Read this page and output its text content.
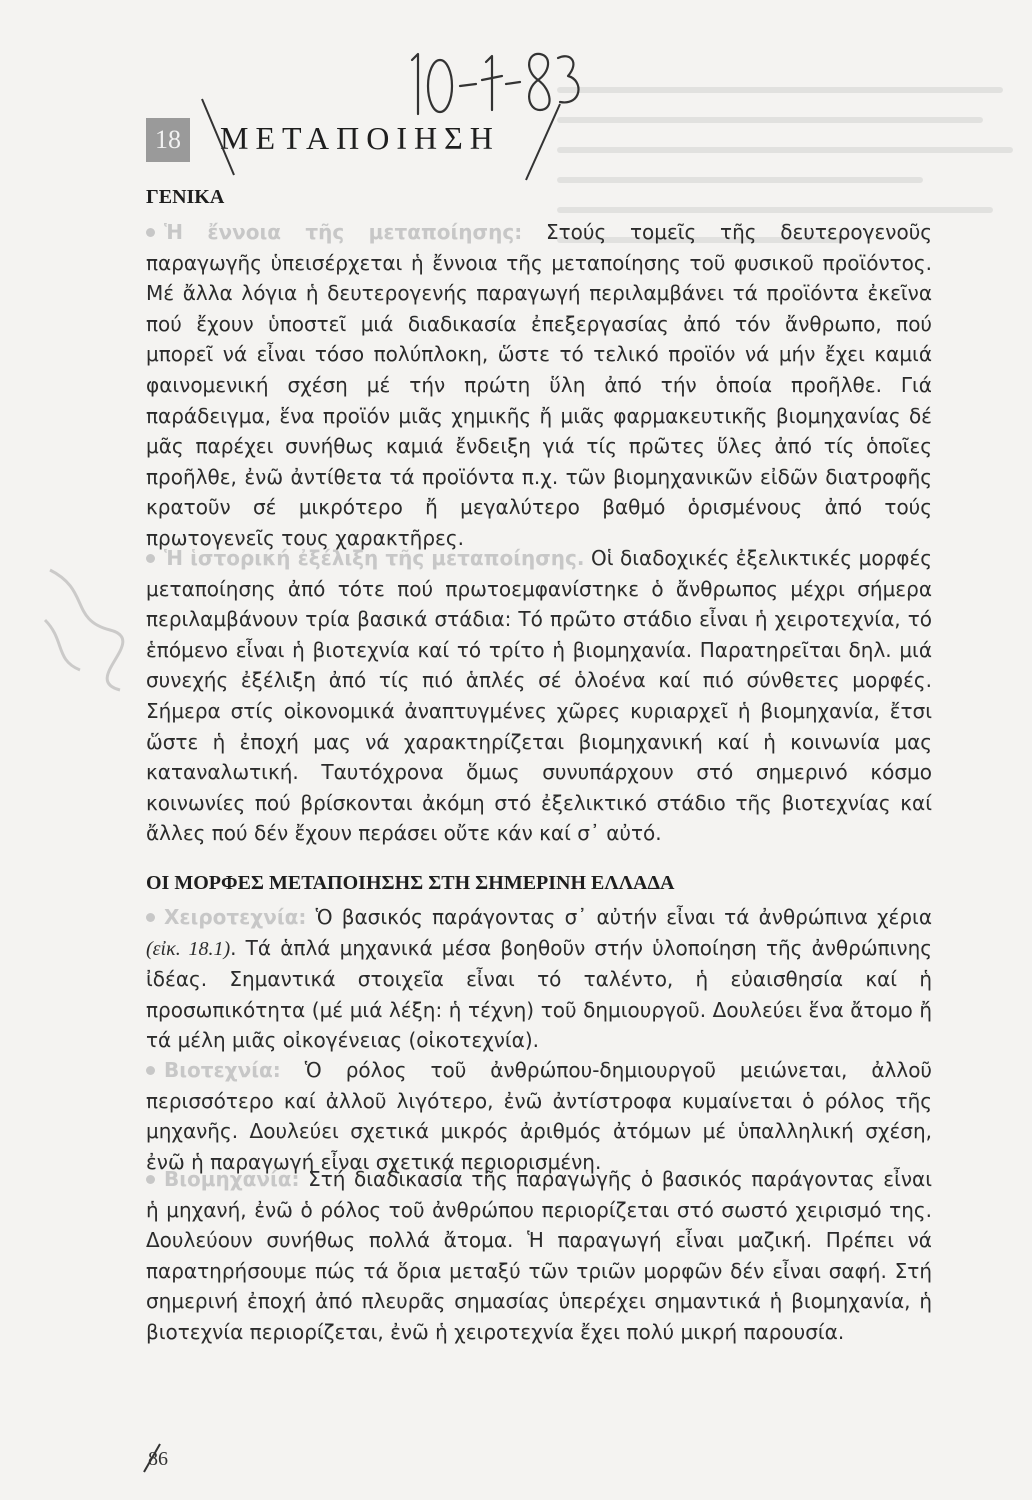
18 ΜΕΤΑΠΟΙΗΣΗ
ΓΕΝΙΚΑ

Ἡ ἔννοια τῆς μεταποίησης: Στούς τομεῖς τῆς δευτερογενοῦς παραγωγῆς ὑπεισέρχεται ἡ ἔννοια τῆς μεταποίησης τοῦ φυσικοῦ προϊόντος. Μέ ἄλλα λόγια ἡ δευτερογενής παραγωγή περιλαμβάνει τά προϊόντα ἐκεῖνα πού ἔχουν ὑποστεῖ μιά διαδικασία ἐπεξεργασίας ἀπό τόν ἄνθρωπο, πού μπορεῖ νά εἶναι τόσο πολύπλοκη, ὥστε τό τελικό προϊόν νά μήν ἔχει καμιά φαινομενική σχέση μέ τήν πρώτη ὕλη ἀπό τήν ὁποία προῆλθε. Γιά παράδειγμα, ἕνα προϊόν μιᾶς χημικῆς ἤ μιᾶς φαρμακευτικῆς βιομηχανίας δέ μᾶς παρέχει συνήθως καμιά ἔνδειξη γιά τίς πρῶτες ὕλες ἀπό τίς ὁποῖες προῆλθε, ἐνῶ ἀντίθετα τά προϊόντα π.χ. τῶν βιομηχανικῶν εἰδῶν διατροφῆς κρατοῦν σέ μικρότερο ἤ μεγαλύτερο βαθμό ὁρισμένους ἀπό τούς πρωτογενεῖς τους χαρακτῆρες.

Ἡ ἱστορική ἐξέλιξη τῆς μεταποίησης. Οἱ διαδοχικές ἐξελικτικές μορφές μεταποίησης ἀπό τότε πού πρωτοεμφανίστηκε ὁ ἄνθρωπος μέχρι σήμερα περιλαμβάνουν τρία βασικά στάδια: Τό πρῶτο στάδιο εἶναι ἡ χειροτεχνία, τό ἑπόμενο εἶναι ἡ βιοτεχνία καί τό τρίτο ἡ βιομηχανία. Παρατηρεῖται δηλ. μιά συνεχής ἐξέλιξη ἀπό τίς πιό ἁπλές σέ ὁλοένα καί πιό σύνθετες μορφές. Σήμερα στίς οἰκονομικά ἀναπτυγμένες χῶρες κυριαρχεῖ ἡ βιομηχανία, ἔτσι ὥστε ἡ ἐποχή μας νά χαρακτηρίζεται βιομηχανική καί ἡ κοινωνία μας καταναλωτική. Ταυτόχρονα ὅμως συνυπάρχουν στό σημερινό κόσμο κοινωνίες πού βρίσκονται ἀκόμη στό ἐξελικτικό στάδιο τῆς βιοτεχνίας καί ἄλλες πού δέν ἔχουν περάσει οὔτε κάν καί σ᾽ αὐτό.

ΟΙ ΜΟΡΦΕΣ ΜΕΤΑΠΟΙΗΣΗΣ ΣΤΗ ΣΗΜΕΡΙΝΗ ΕΛΛΑΔΑ

Χειροτεχνία: Ὁ βασικός παράγοντας σ᾽ αὐτήν εἶναι τά ἀνθρώπινα χέρια (εἰκ. 18.1). Τά ἁπλά μηχανικά μέσα βοηθοῦν στήν ὑλοποίηση τῆς ἀνθρώπινης ἰδέας. Σημαντικά στοιχεῖα εἶναι τό ταλέντο, ἡ εὐαισθησία καί ἡ προσωπικότητα (μέ μιά λέξη: ἡ τέχνη) τοῦ δημιουργοῦ. Δουλεύει ἕνα ἄτομο ἤ τά μέλη μιᾶς οἰκογένειας (οἰκοτεχνία).

Βιοτεχνία: Ὁ ρόλος τοῦ ἀνθρώπου-δημιουργοῦ μειώνεται, ἀλλοῦ περισσότερο καί ἀλλοῦ λιγότερο, ἐνῶ ἀντίστροφα κυμαίνεται ὁ ρόλος τῆς μηχανῆς. Δουλεύει σχετικά μικρός ἀριθμός ἀτόμων μέ ὑπαλληλική σχέση, ἐνῶ ἡ παραγωγή εἶναι σχετικά περιορισμένη.

Βιομηχανία: Στή διαδικασία τῆς παραγωγῆς ὁ βασικός παράγοντας εἶναι ἡ μηχανή, ἐνῶ ὁ ρόλος τοῦ ἀνθρώπου περιορίζεται στό σωστό χειρισμό της. Δουλεύουν συνήθως πολλά ἄτομα. Ἡ παραγωγή εἶναι μαζική. Πρέπει νά παρατηρήσουμε πώς τά ὅρια μεταξύ τῶν τριῶν μορφῶν δέν εἶναι σαφή. Στή σημερινή ἐποχή ἀπό πλευρᾶς σημασίας ὑπερέχει σημαντικά ἡ βιομηχανία, ἡ βιοτεχνία περιορίζεται, ἐνῶ ἡ χειροτεχνία ἔχει πολύ μικρή παρουσία.

86
